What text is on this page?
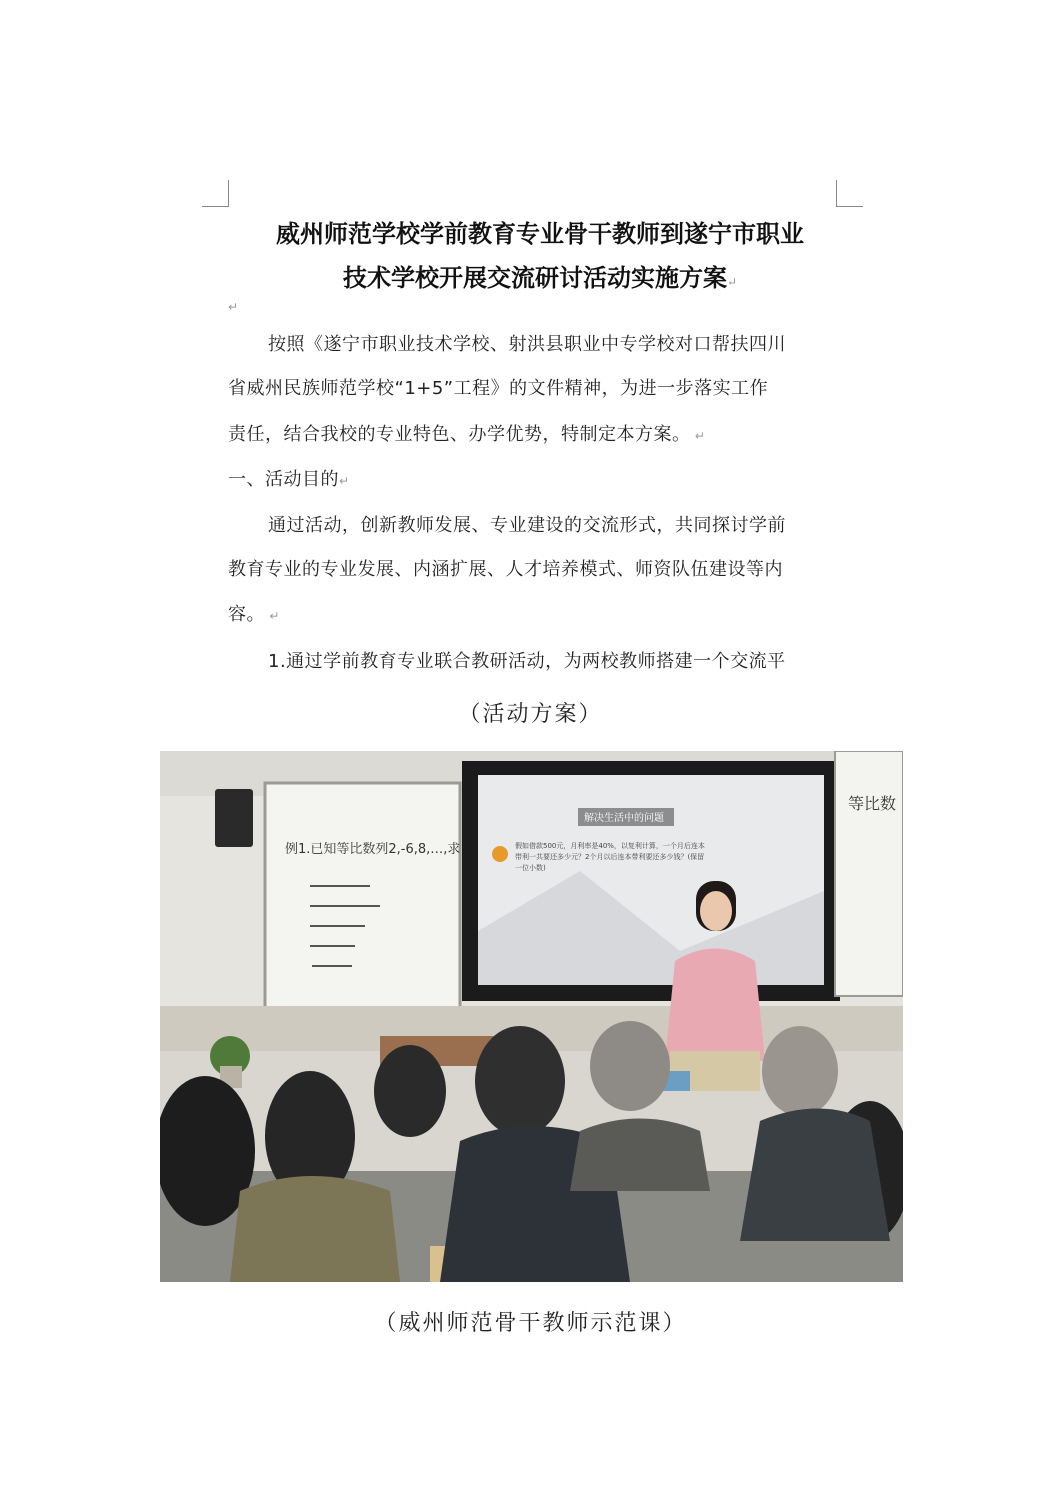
威州师范学校学前教育专业骨干教师到遂宁市职业
技术学校开展交流研讨活动实施方案↵
↵
按照《遂宁市职业技术学校、射洪县职业中专学校对口帮扶四川
省威州民族师范学校“1+5”工程》的文件精神，为进一步落实工作
责任，结合我校的专业特色、办学优势，特制定本方案。 ↵
一、活动目的↵
通过活动，创新教师发展、专业建设的交流形式，共同探讨学前
教育专业的专业发展、内涵扩展、人才培养模式、师资队伍建设等内
容。 ↵
1.通过学前教育专业联合教研活动，为两校教师搭建一个交流平
（活动方案）
例1.已知等比数列2,-6,8,…,求
解决生活中的问题
假如借款500元，月利率是40%，以复利计算，一个月后连本
带利一共要还多少元？2个月以后连本带利要还多少钱？(保留
一位小数)
等比数
（威州师范骨干教师示范课）
